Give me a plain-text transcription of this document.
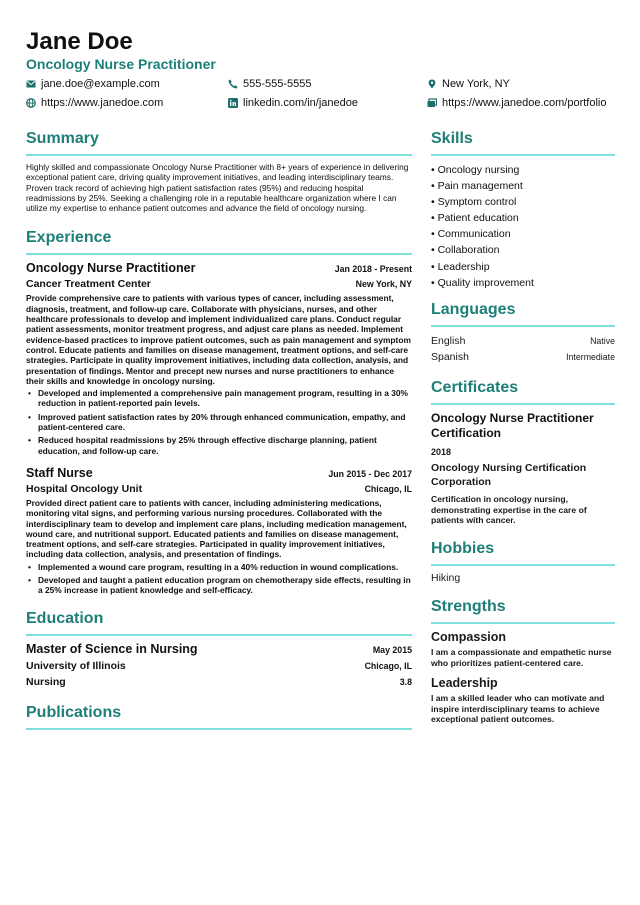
Jane Doe
Oncology Nurse Practitioner
jane.doe@example.com	555-555-5555	New York, NY
https://www.janedoe.com	linkedin.com/in/janedoe	https://www.janedoe.com/portfolio
Summary
Highly skilled and compassionate Oncology Nurse Practitioner with 8+ years of experience in delivering exceptional patient care, driving quality improvement initiatives, and leading interdisciplinary teams. Proven track record of achieving high patient satisfaction rates (95%) and reducing hospital readmissions by 25%. Seeking a challenging role in a reputable healthcare organization where I can utilize my expertise to enhance patient outcomes and advance the field of oncology nursing.
Experience
Oncology Nurse Practitioner	Jan 2018 - Present
Cancer Treatment Center	New York, NY
Provide comprehensive care to patients with various types of cancer, including assessment, diagnosis, treatment, and follow-up care. Collaborate with physicians, nurses, and other healthcare professionals to develop and implement individualized care plans. Conduct regular patient assessments, monitor treatment progress, and adjust care plans as needed. Implement evidence-based practices to improve patient outcomes, such as pain management and symptom control. Educate patients and families on disease management, treatment options, and self-care strategies. Participate in quality improvement initiatives, including data collection, analysis, and presentation of findings. Mentor and precept new nurses and nurse practitioners to enhance their skills and knowledge in oncology nursing.
• Developed and implemented a comprehensive pain management program, resulting in a 30% reduction in patient-reported pain levels.
• Improved patient satisfaction rates by 20% through enhanced communication, empathy, and patient-centered care.
• Reduced hospital readmissions by 25% through effective discharge planning, patient education, and follow-up care.
Staff Nurse	Jun 2015 - Dec 2017
Hospital Oncology Unit	Chicago, IL
Provided direct patient care to patients with cancer, including administering medications, monitoring vital signs, and performing various nursing procedures. Collaborated with the interdisciplinary team to develop and implement care plans, including medication management, wound care, and nutritional support. Educated patients and families on disease management, treatment options, and self-care strategies. Participated in quality improvement initiatives, including data collection, analysis, and presentation of findings.
• Implemented a wound care program, resulting in a 40% reduction in wound complications.
• Developed and taught a patient education program on chemotherapy side effects, resulting in a 25% increase in patient knowledge and self-efficacy.
Education
Master of Science in Nursing	May 2015
University of Illinois	Chicago, IL
Nursing	3.8
Publications
Skills
• Oncology nursing
• Pain management
• Symptom control
• Patient education
• Communication
• Collaboration
• Leadership
• Quality improvement
Languages
English	Native
Spanish	Intermediate
Certificates
Oncology Nurse Practitioner Certification
2018
Oncology Nursing Certification Corporation
Certification in oncology nursing, demonstrating expertise in the care of patients with cancer.
Hobbies
Hiking
Strengths
Compassion
I am a compassionate and empathetic nurse who prioritizes patient-centered care.
Leadership
I am a skilled leader who can motivate and inspire interdisciplinary teams to achieve exceptional patient outcomes.
